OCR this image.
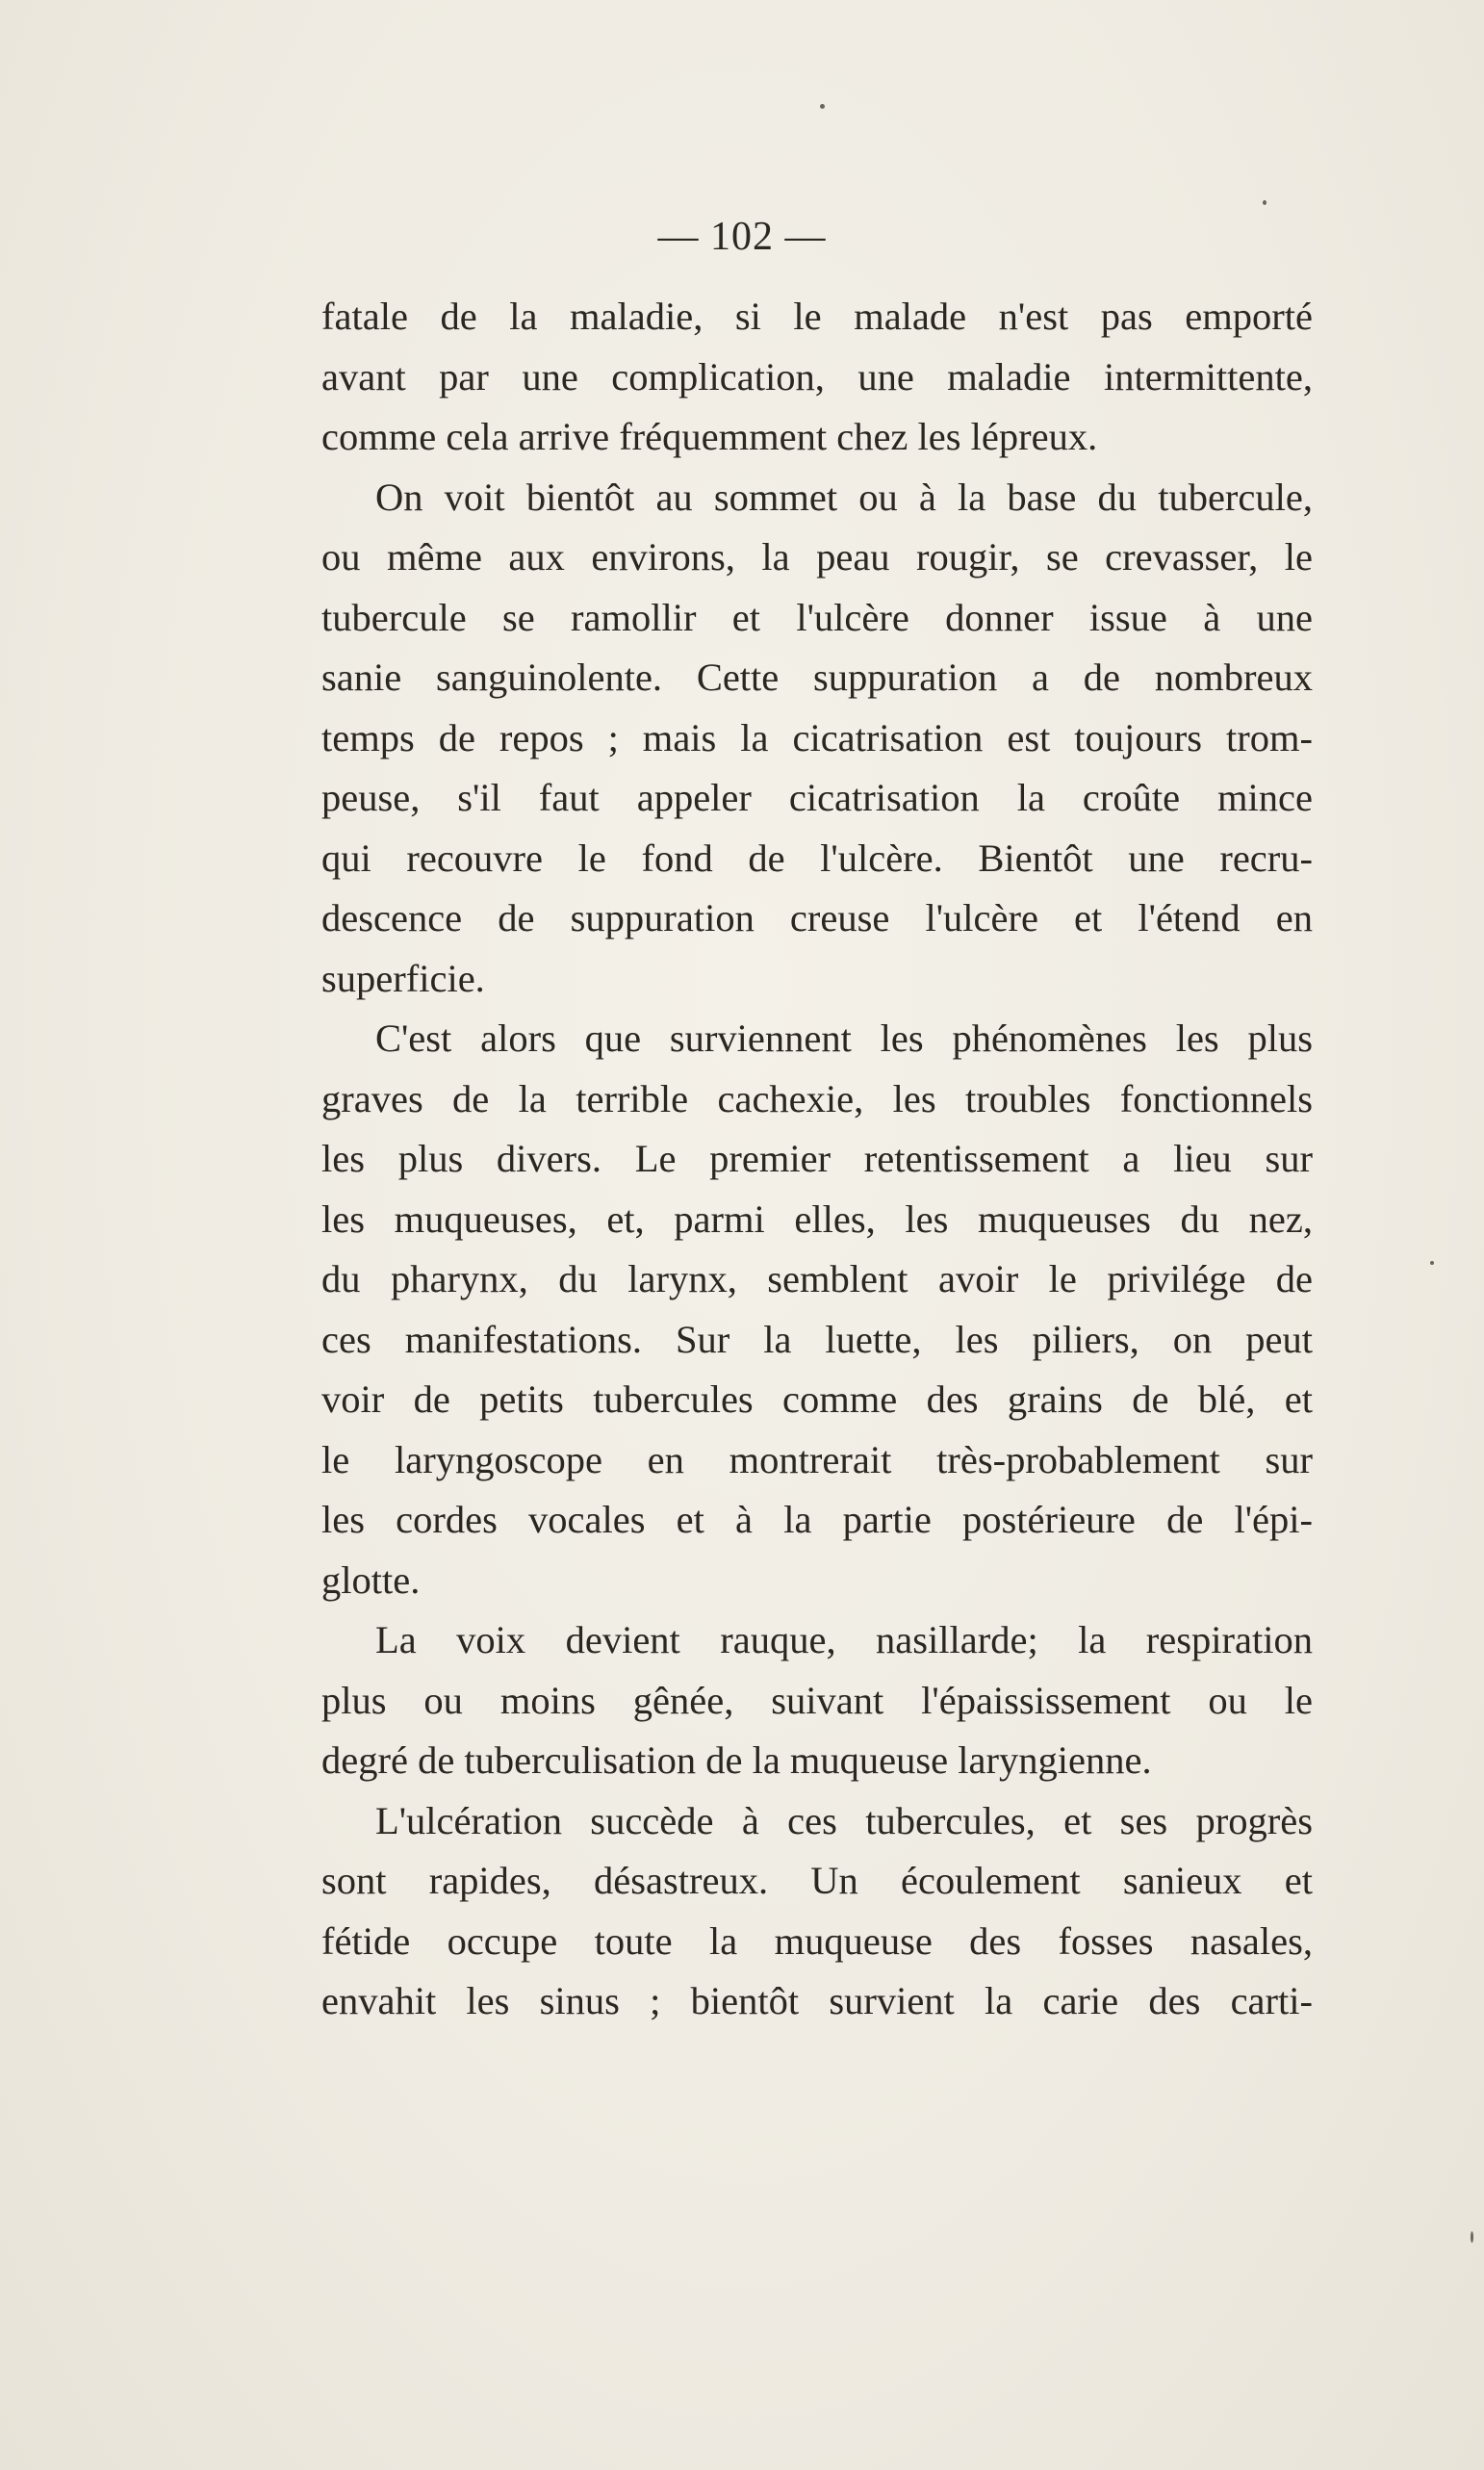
— 102 —
fatale de la maladie, si le malade n'est pas emporté
avant par une complication, une maladie intermittente,
comme cela arrive fréquemment chez les lépreux.
On voit bientôt au sommet ou à la base du tubercule,
ou même aux environs, la peau rougir, se crevasser, le
tubercule se ramollir et l'ulcère donner issue à une
sanie sanguinolente. Cette suppuration a de nombreux
temps de repos ; mais la cicatrisation est toujours trom-
peuse, s'il faut appeler cicatrisation la croûte mince
qui recouvre le fond de l'ulcère. Bientôt une recru-
descence de suppuration creuse l'ulcère et l'étend en
superficie.
C'est alors que surviennent les phénomènes les plus
graves de la terrible cachexie, les troubles fonctionnels
les plus divers. Le premier retentissement a lieu sur
les muqueuses, et, parmi elles, les muqueuses du nez,
du pharynx, du larynx, semblent avoir le privilége de
ces manifestations. Sur la luette, les piliers, on peut
voir de petits tubercules comme des grains de blé, et
le laryngoscope en montrerait très-probablement sur
les cordes vocales et à la partie postérieure de l'épi-
glotte.
La voix devient rauque, nasillarde; la respiration
plus ou moins gênée, suivant l'épaississement ou le
degré de tuberculisation de la muqueuse laryngienne.
L'ulcération succède à ces tubercules, et ses progrès
sont rapides, désastreux. Un écoulement sanieux et
fétide occupe toute la muqueuse des fosses nasales,
envahit les sinus ; bientôt survient la carie des carti-
